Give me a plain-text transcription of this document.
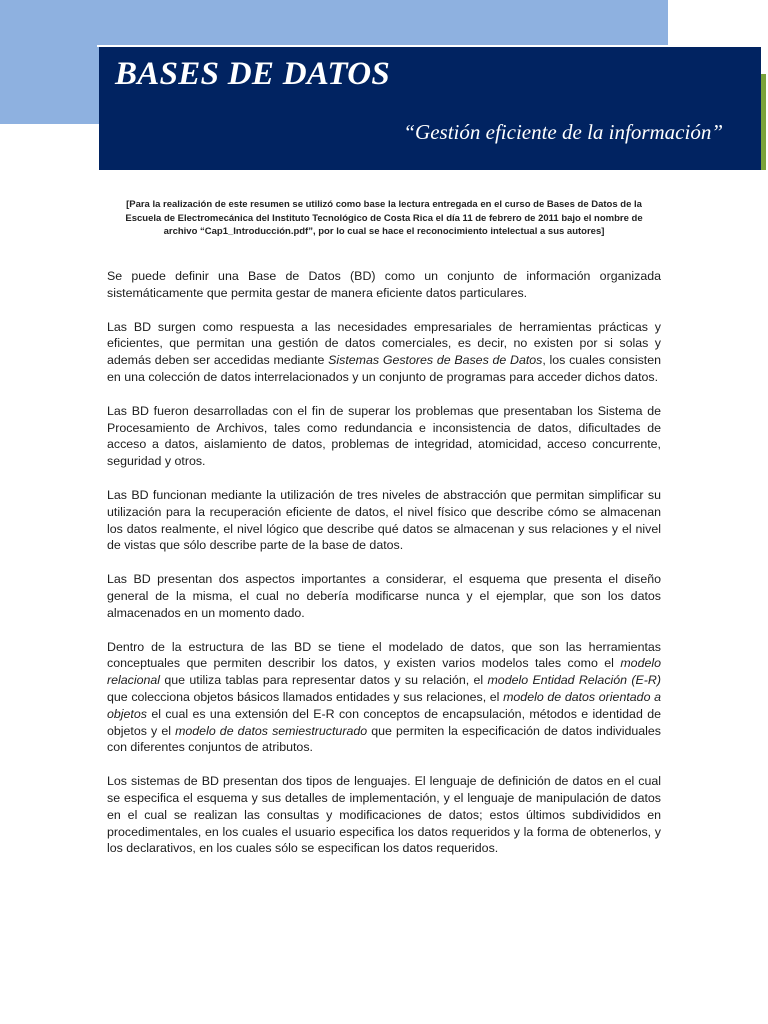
BASES DE DATOS
“Gestión eficiente de la información”
[Para la realización de este resumen se utilizó como base la lectura entregada en el curso de Bases de Datos de la Escuela de Electromecánica del Instituto Tecnológico de Costa Rica el día 11 de febrero de 2011 bajo el nombre de archivo “Cap1_Introducción.pdf”, por lo cual se hace el reconocimiento intelectual a sus autores]

Se puede definir una Base de Datos (BD) como un conjunto de información organizada sistemáticamente que permita gestar de manera eficiente datos particulares.

Las BD surgen como respuesta a las necesidades empresariales de herramientas prácticas y eficientes, que permitan una gestión de datos comerciales, es decir, no existen por si solas y además deben ser accedidas mediante Sistemas Gestores de Bases de Datos, los cuales consisten en una colección de datos interrelacionados y un conjunto de programas para acceder dichos datos.

Las BD fueron desarrolladas con el fin de superar los problemas que presentaban los Sistema de Procesamiento de Archivos, tales como redundancia e inconsistencia de datos, dificultades de acceso a datos, aislamiento de datos, problemas de integridad, atomicidad, acceso concurrente, seguridad y otros.

Las BD funcionan mediante la utilización de tres niveles de abstracción que permitan simplificar su utilización para la recuperación eficiente de datos, el nivel físico que describe cómo se almacenan los datos realmente, el nivel lógico que describe qué datos se almacenan y sus relaciones y el nivel de vistas que sólo describe parte de la base de datos.

Las BD presentan dos aspectos importantes a considerar, el esquema que presenta el diseño general de la misma, el cual no debería modificarse nunca y el ejemplar, que son los datos almacenados en un momento dado.

Dentro de la estructura de las BD se tiene el modelado de datos, que son las herramientas conceptuales que permiten describir los datos, y existen varios modelos tales como el modelo relacional que utiliza tablas para representar datos y su relación, el modelo Entidad Relación (E-R) que colecciona objetos básicos llamados entidades y sus relaciones, el modelo de datos orientado a objetos el cual es una extensión del E-R con conceptos de encapsulación, métodos e identidad de objetos y el modelo de datos semiestructurado que permiten la especificación de datos individuales con diferentes conjuntos de atributos.

Los sistemas de BD presentan dos tipos de lenguajes. El lenguaje de definición de datos en el cual se especifica el esquema y sus detalles de implementación, y el lenguaje de manipulación de datos en el cual se realizan las consultas y modificaciones de datos; estos últimos subdivididos en procedimentales, en los cuales el usuario especifica los datos requeridos y la forma de obtenerlos, y los declarativos, en los cuales sólo se especifican los datos requeridos.
